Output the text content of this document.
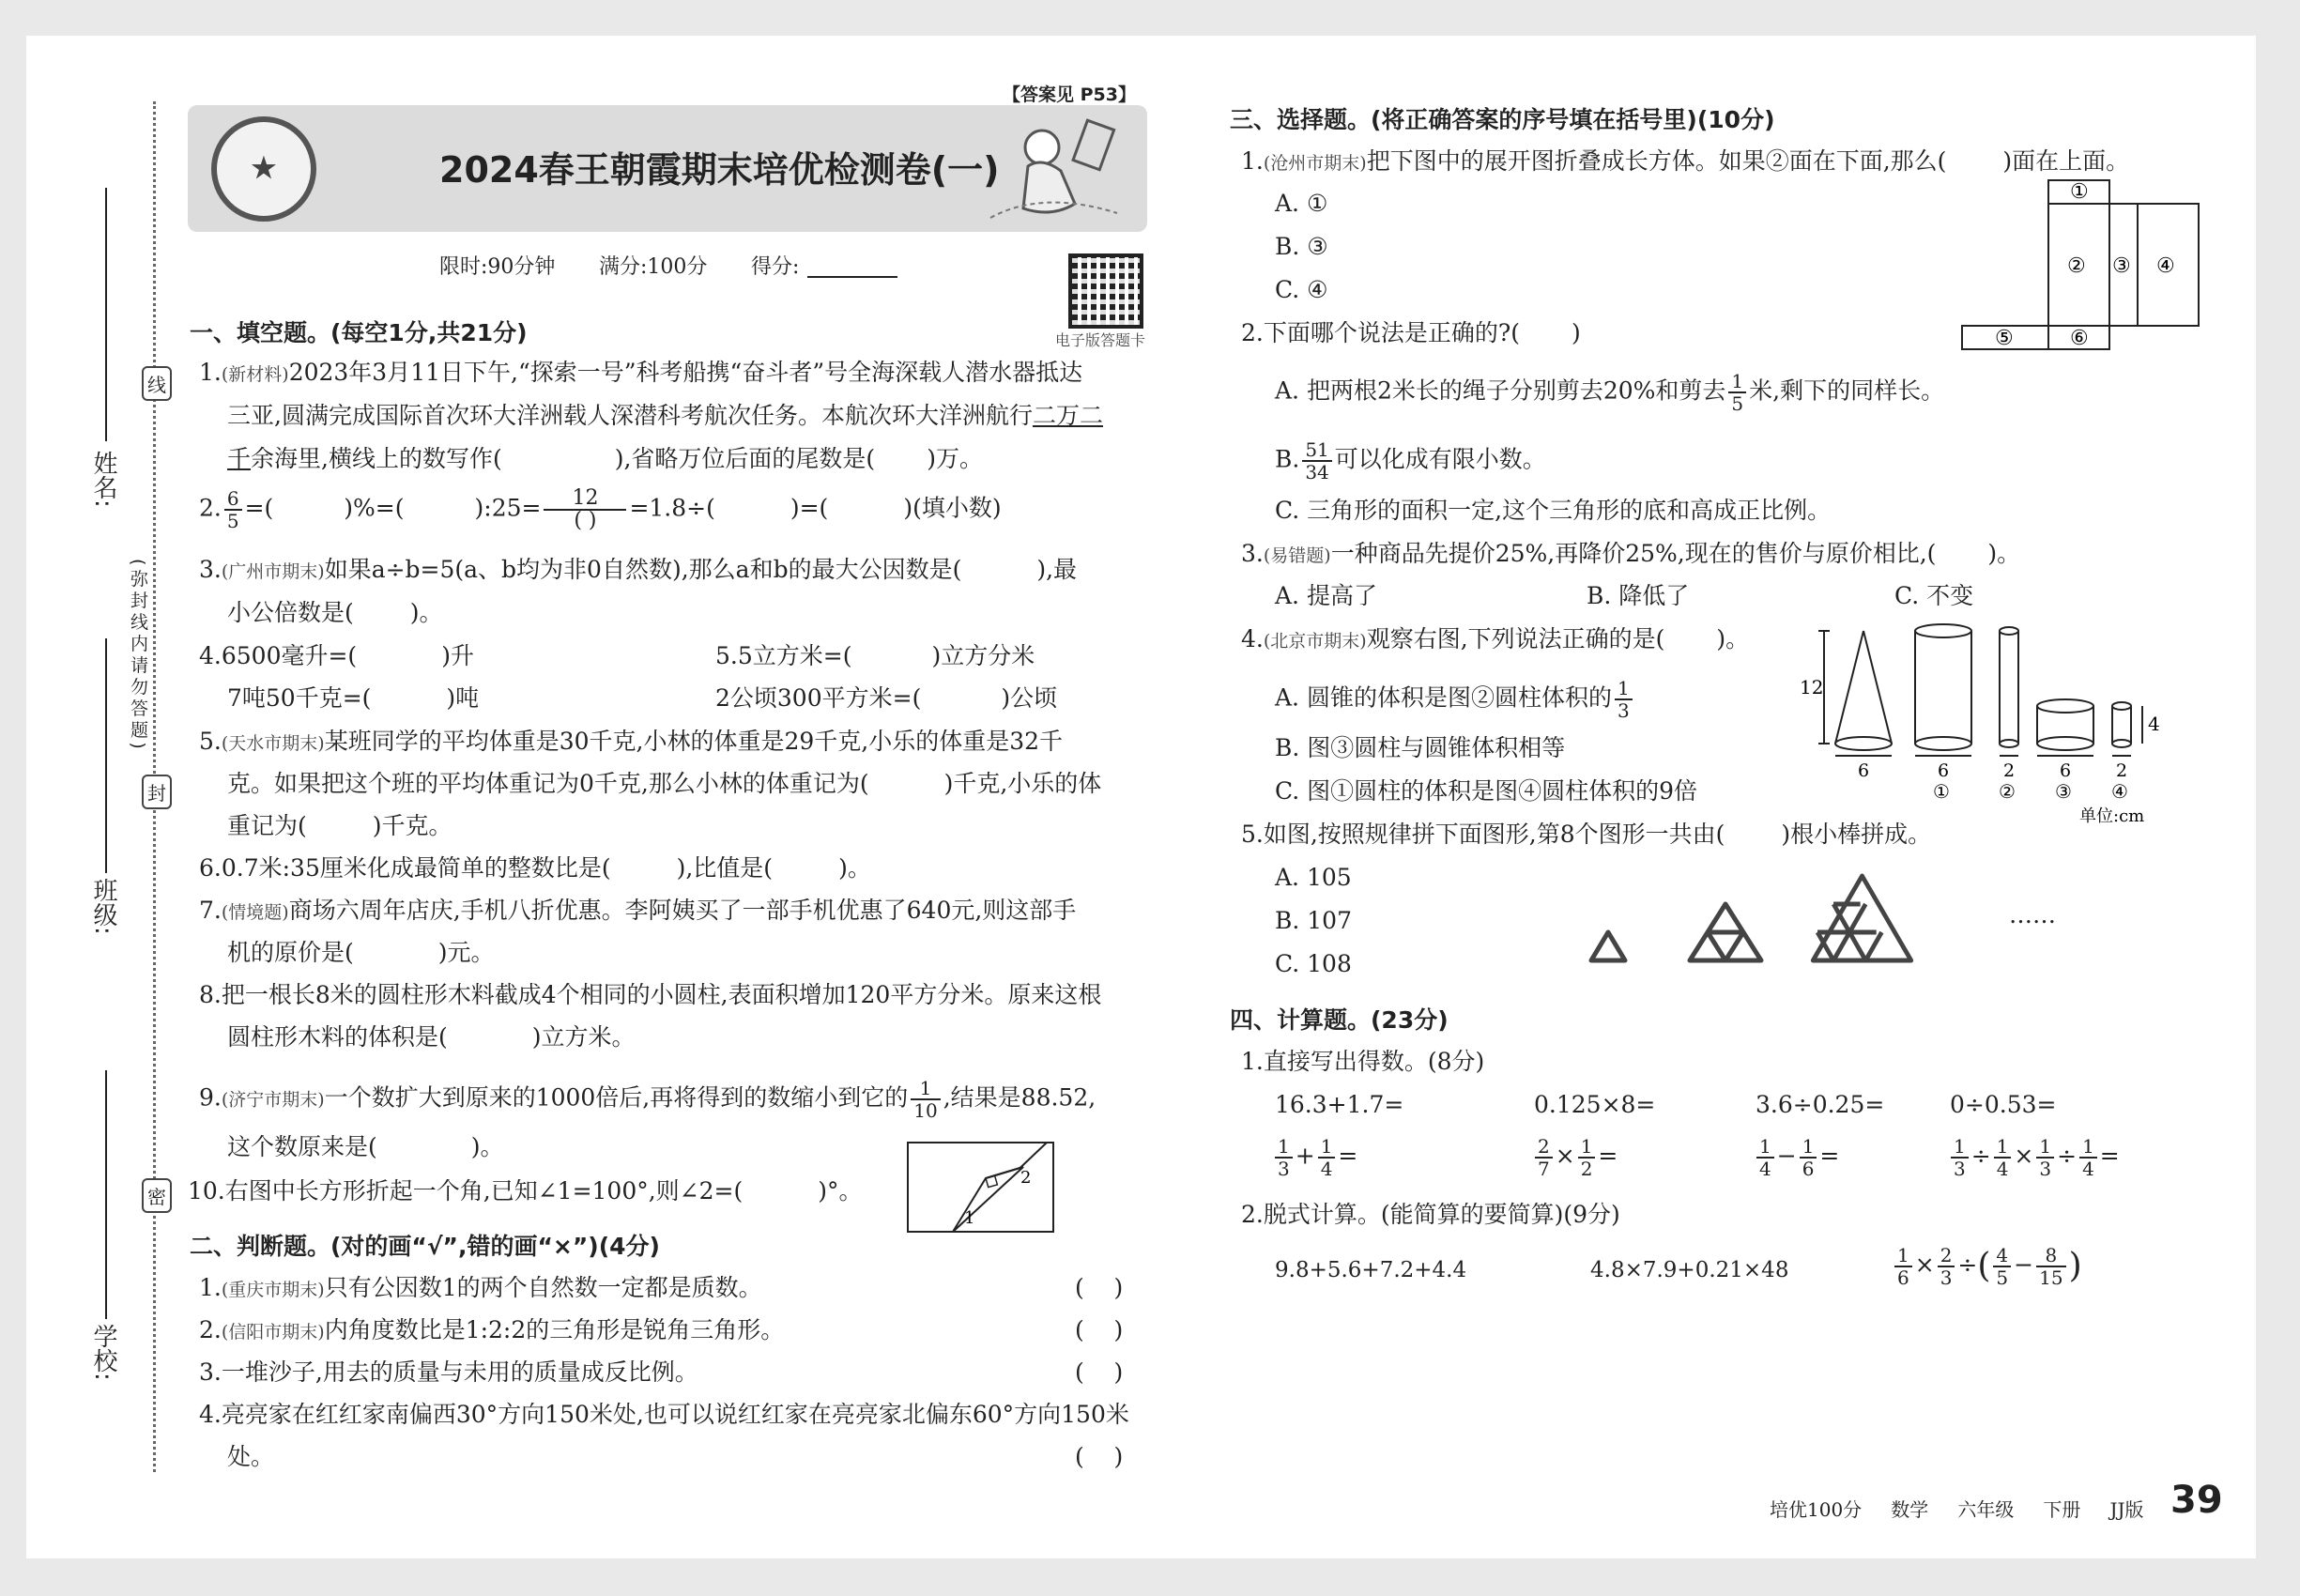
姓名:
班级:
学校:
(弥封线内请勿答题)
线
封
密
★
【答案见 P53】
2024春王朝霞期末培优检测卷(一)
限时:90分钟 满分:100分 得分:
电子版答题卡
一、填空题。(每空1分,共21分)
1.(新材料)2023年3月11日下午,“探索一号”科考船携“奋斗者”号全海深载人潜水器抵达
三亚,圆满完成国际首次环大洋洲载人深潜科考航次任务。本航次环大洋洲航行二万二
千余海里,横线上的数写作(	),省略万位后面的尾数是( )万。
2. $\frac{6}{5}$ =(	)%=(	):25= $\frac{12}{( )} =1.8\div$(	)=(	)(填小数)
3.(广州市期末)如果a÷b=5(a、b均为非0自然数),那么a和b的最大公因数是(	),最
小公倍数是( )。
4.6500毫升=(	)升	5.5立方米=(	)立方分米
7吨50千克=(	)吨	2公顷300平方米=(	)公顷
5.(天水市期末)某班同学的平均体重是30千克,小林的体重是29千克,小乐的体重是32千
克。如果把这个班的平均体重记为0千克,那么小林的体重记为(	)千克,小乐的体
重记为(	)千克。
6.0.7米:35厘米化成最简单的整数比是(	),比值是(	)。
7.(情境题)商场六周年店庆,手机八折优惠。李阿姨买了一部手机优惠了640元,则这部手
机的原价是(	)元。
8.把一根长8米的圆柱形木料截成4个相同的小圆柱,表面积增加120平方分米。原来这根
圆柱形木料的体积是(	)立方米。
9.(济宁市期末)一个数扩大到原来的1000倍后,再将得到的数缩小到它的 $\frac{1}{10}$ ,结果是88.52,
这个数原来是(	)。
10.右图中长方形折起一个角,已知∠1=100°,则∠2=(	)°。
1
2
二、判断题。(对的画“√”,错的画“×”)(4分)
1.(重庆市期末)只有公因数1的两个自然数一定都是质数。	(    )
2.(信阳市期末)内角度数比是1:2:2的三角形是锐角三角形。	(    )
3.一堆沙子,用去的质量与未用的质量成反比例。	(    )
4.亮亮家在红红家南偏西30°方向150米处,也可以说红红家在亮亮家北偏东60°方向150米
处。	(    )
三、选择题。(将正确答案的序号填在括号里)(10分)
1.(沧州市期末)把下图中的展开图折叠成长方体。如果②面在下面,那么( )面在上面。
A. ①
B. ③
C. ④
①
② ③ ④
⑤	⑥
2.下面哪个说法是正确的?( )
A. 把两根2米长的绳子分别剪去20%和剪去 $\frac{1}{5}$ 米,剩下的同样长。
B. $\frac{51}{34}$ 可以化成有限小数。
C. 三角形的面积一定,这个三角形的底和高成正比例。
3.(易错题)一种商品先提价25%,再降价25%,现在的售价与原价相比,( )。
A. 提高了	B. 降低了	C. 不变
4.(北京市期末)观察右图,下列说法正确的是( )。
A. 圆锥的体积是图②圆柱体积的 $\frac{1}{3}$
B. 图③圆柱与圆锥体积相等
C. 图①圆柱的体积是图④圆柱体积的9倍
12
4
6	6	2	6	2
①	② ③ ④
单位:cm
5.如图,按照规律拼下面图形,第8个图形一共由( )根小棒拼成。
A. 105
B. 107
C. 108
……
四、计算题。(23分)
1.直接写出得数。(8分)
16.3+1.7=	0.125×8=	3.6÷0.25=	0÷0.53=
$\frac{1}{3} + \frac{1}{4}$ =	$\frac{2}{7} \times \frac{1}{2}$ =	$\frac{1}{4} - \frac{1}{6}$ =	$\frac{1}{3} \div \frac{1}{4} \times \frac{1}{3} \div \frac{1}{4}$ =
2.脱式计算。(能简算的要简算)(9分)
9.8+5.6+7.2+4.4	4.8×7.9+0.21×48	$\frac{1}{6} \times \frac{2}{3}$ ÷( $\frac{4}{5} - \frac{8}{15}$ )
培优100分 数学 六年级 下册 JJ版 39
